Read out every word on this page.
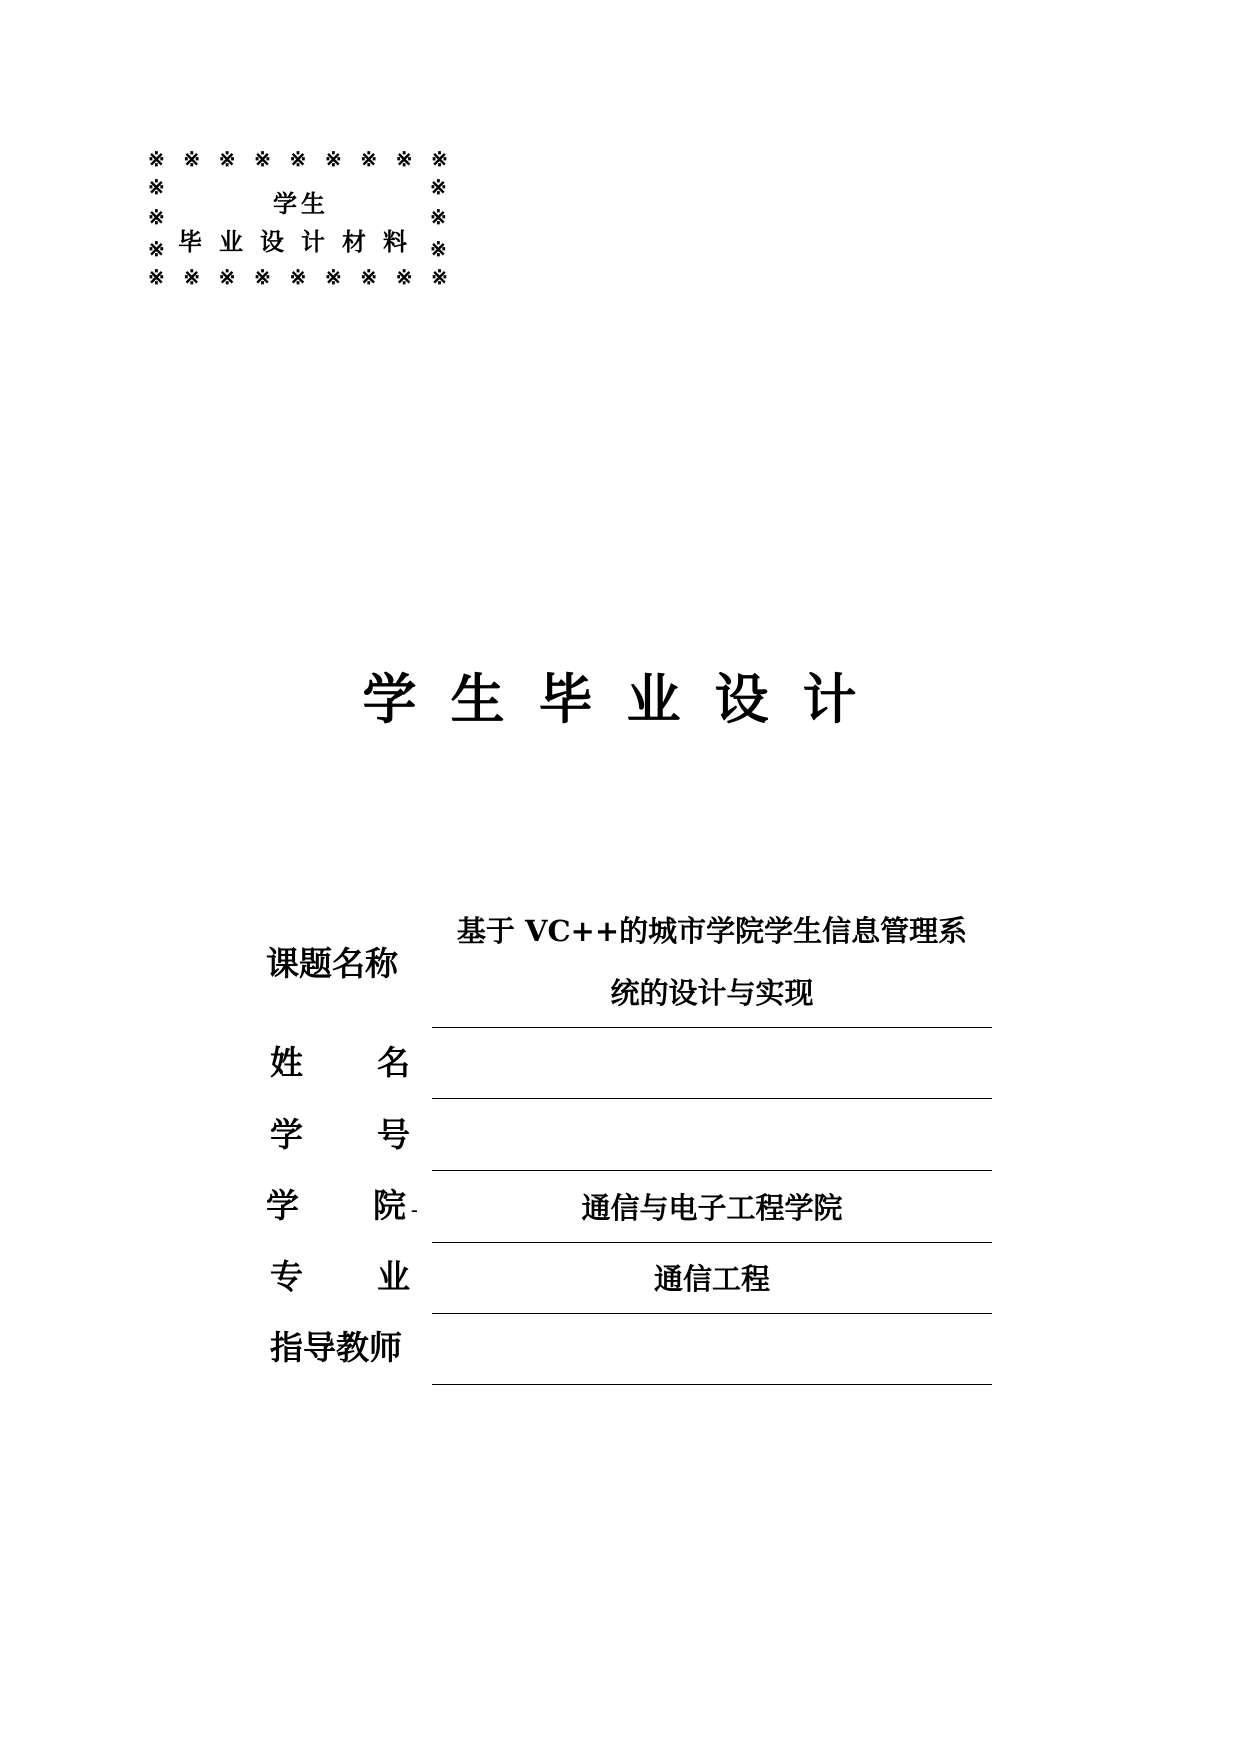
※ ※ ※ ※ ※ ※ ※ ※ ※
※
※
※
※
※
※
学生
毕业设计材料
※ ※ ※ ※ ※ ※ ※ ※ ※
学生毕业设计
课题名称
基于 VC++的城市学院学生信息管理系
统的设计与实现
姓 名
学 号
学 院 -	通信与电子工程学院
专 业	通信工程
指导教师
